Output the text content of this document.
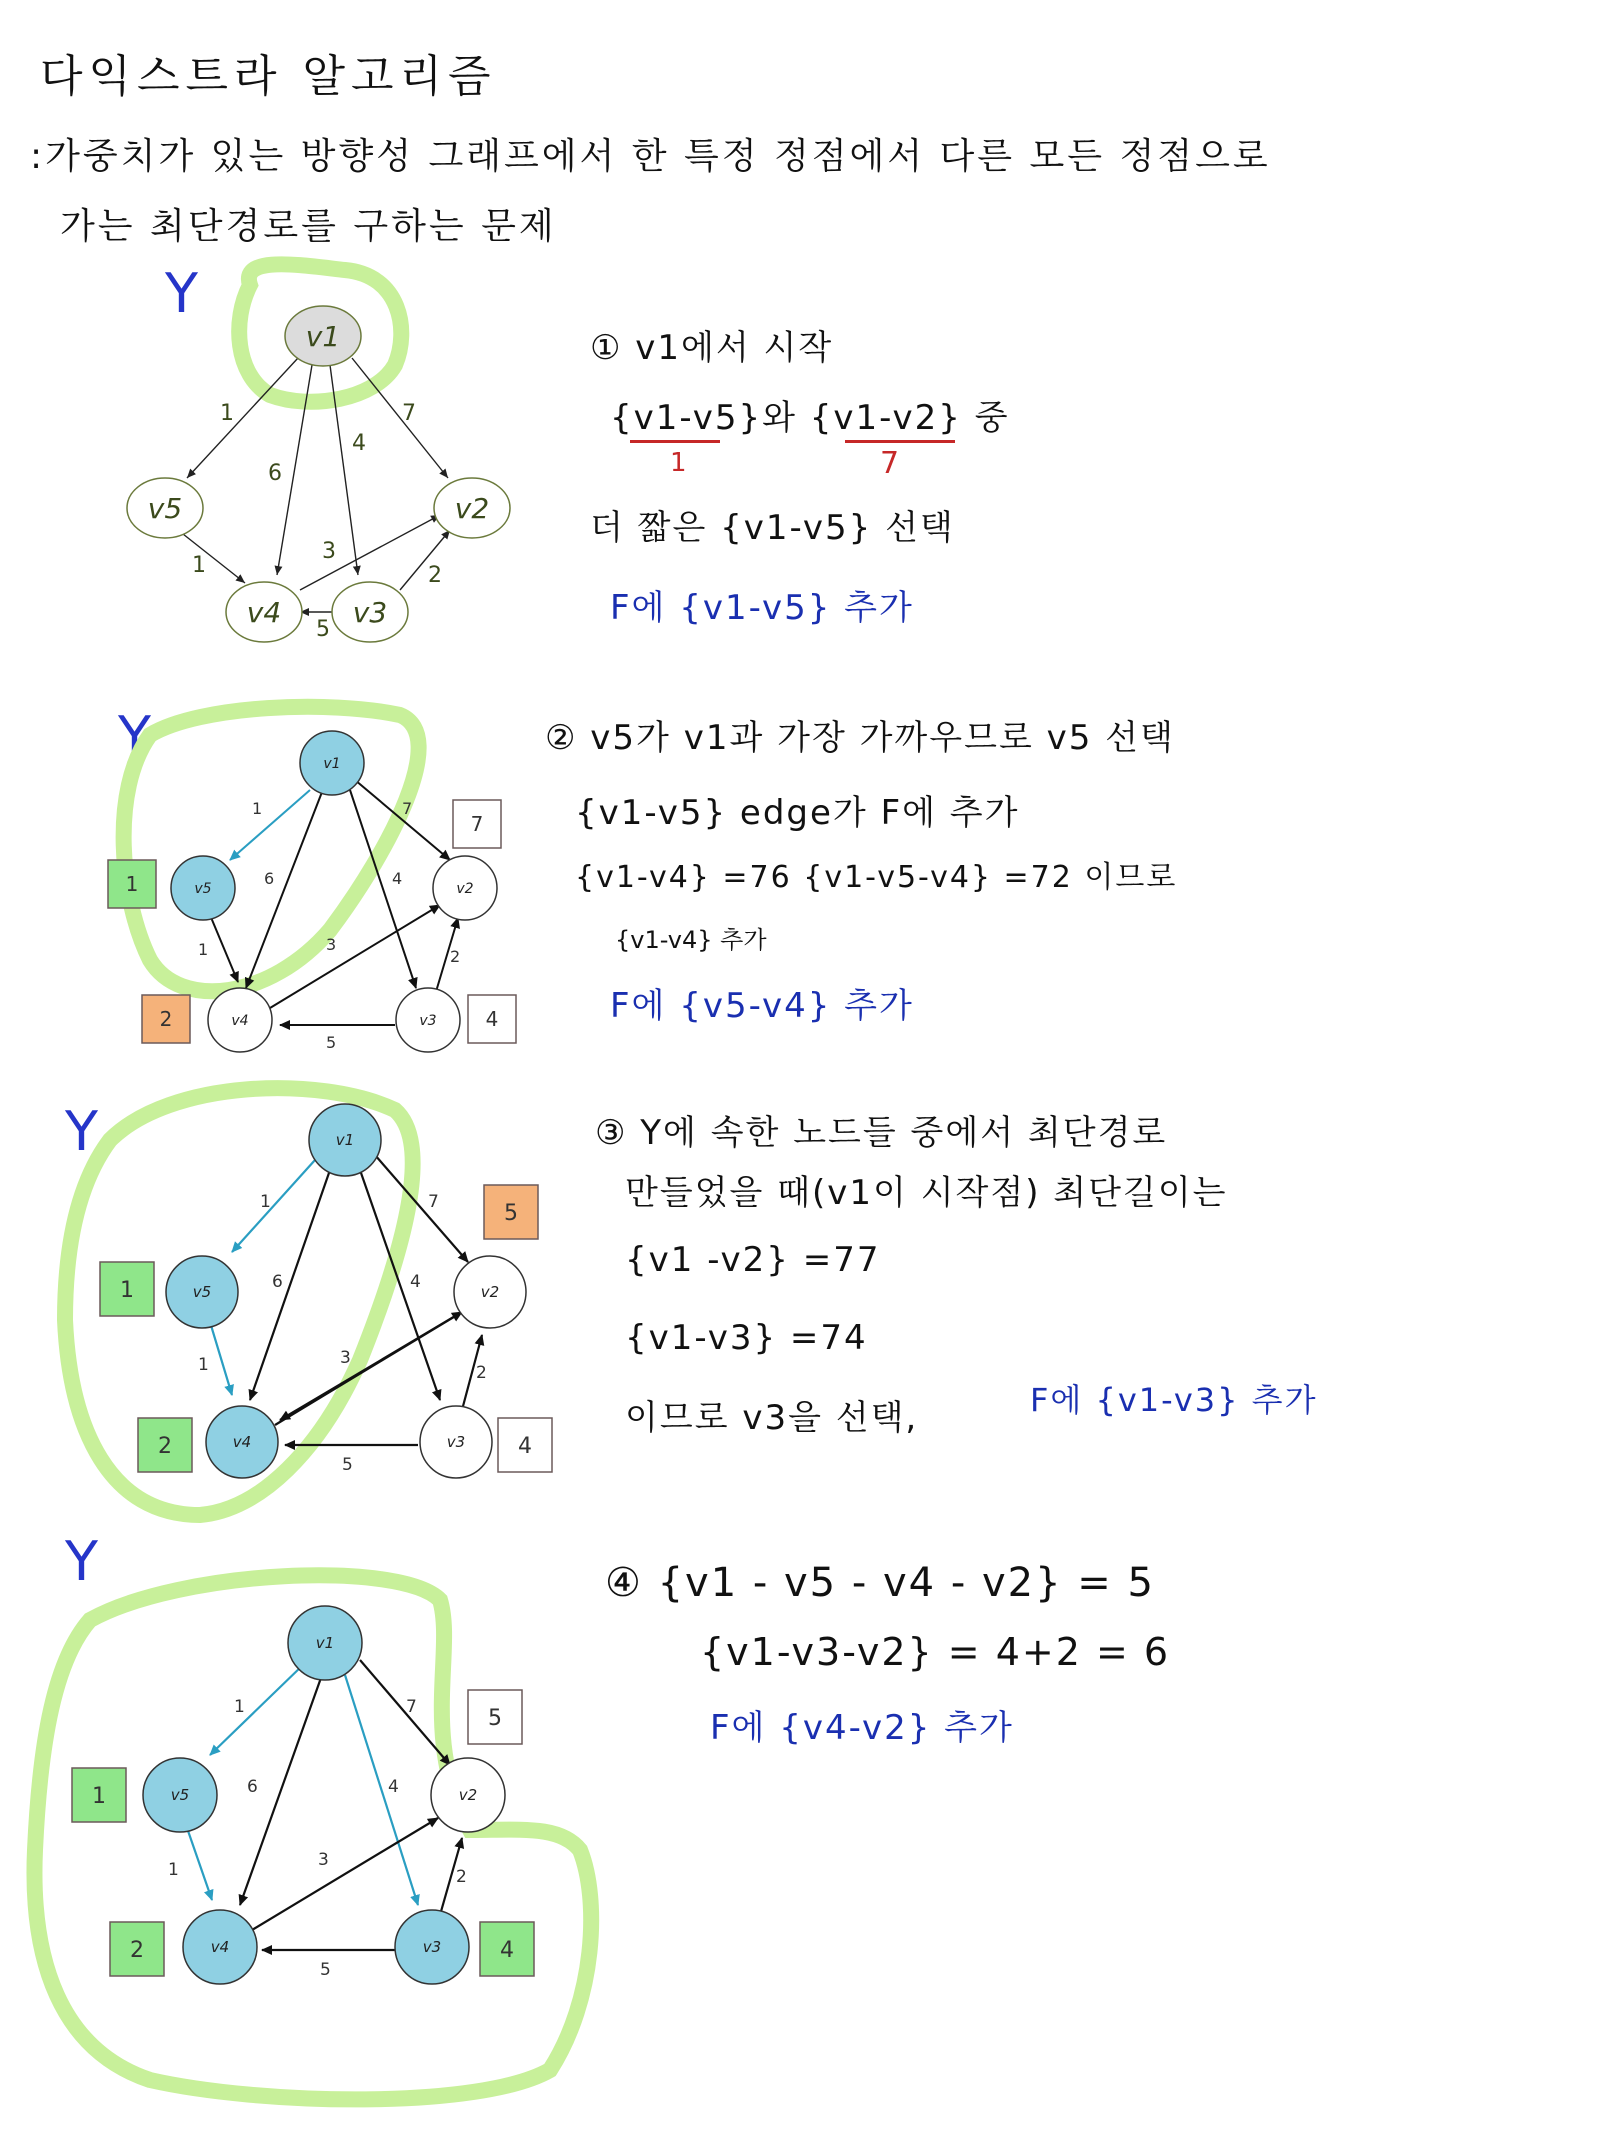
다익스트라 알고리즘
:가중치가 있는 방향성 그래프에서 한 특정 정점에서 다른 모든 정점으로
가는 최단경로를 구하는 문제
Y
Y
Y
Y
1
6
4
7
1
3
5
2
v1
v5	v2
v4	v3
1
6	4
7
1	3
5
2
v1
v5	v2
v4	v3
1
2
7
4
1
6	4
7
1	3
5
2
v1
v5	v2
v4	v3
1
2
5
4
1
6	4
7
1	3
5
2
v1
v5	v2
v4	v3
1
2
5
4
① v1에서 시작
{v1-v5}와 {v1-v2} 중
1	7
더 짧은 {v1-v5} 선택
F에 {v1-v5} 추가
② v5가 v1과 가장 가까우므로 v5 선택
{v1-v5} edge가 F에 추가
{v1-v4} =76 {v1-v5-v4} =72 이므로
{v1-v4} 추가
F에 {v5-v4} 추가
③ Y에 속한 노드들 중에서 최단경로
만들었을 때(v1이 시작점) 최단길이는
{v1 -v2} =77
{v1-v3} =74
이므로 v3을 선택,	F에 {v1-v3} 추가
④ {v1 - v5 - v4 - v2} = 5
{v1-v3-v2} = 4+2 = 6
F에 {v4-v2} 추가
